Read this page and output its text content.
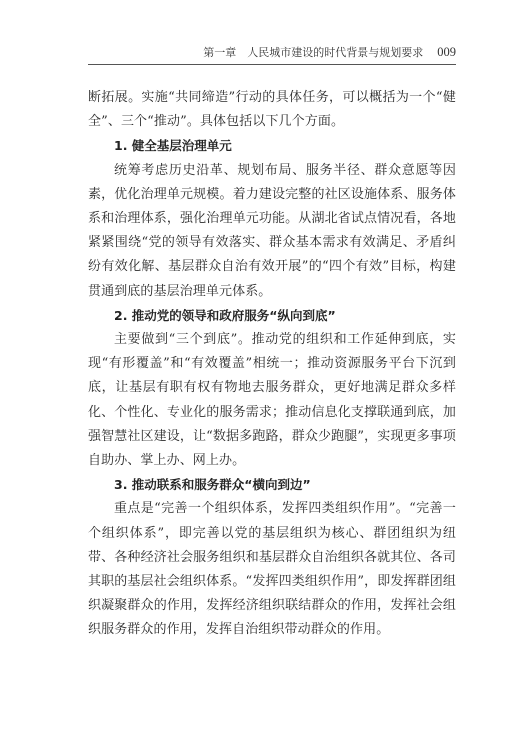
第一章　人民城市建设的时代背景与规划要求 009

断拓展。实施“共同缔造”行动的具体任务，可以概括为一个“健全”、三个“推动”。具体包括以下几个方面。

1. 健全基层治理单元

统筹考虑历史沿革、规划布局、服务半径、群众意愿等因素，优化治理单元规模。着力建设完整的社区设施体系、服务体系和治理体系，强化治理单元功能。从湖北省试点情况看，各地紧紧围绕“党的领导有效落实、群众基本需求有效满足、矛盾纠纷有效化解、基层群众自治有效开展”的“四个有效”目标，构建贯通到底的基层治理单元体系。

2. 推动党的领导和政府服务“纵向到底”

主要做到“三个到底”。推动党的组织和工作延伸到底，实现“有形覆盖”和“有效覆盖”相统一；推动资源服务平台下沉到底，让基层有职有权有物地去服务群众，更好地满足群众多样化、个性化、专业化的服务需求；推动信息化支撑联通到底，加强智慧社区建设，让“数据多跑路，群众少跑腿”，实现更多事项自助办、掌上办、网上办。

3. 推动联系和服务群众“横向到边”

重点是“完善一个组织体系，发挥四类组织作用”。“完善一个组织体系”，即完善以党的基层组织为核心、群团组织为纽带、各种经济社会服务组织和基层群众自治组织各就其位、各司其职的基层社会组织体系。“发挥四类组织作用”，即发挥群团组织凝聚群众的作用，发挥经济组织联结群众的作用，发挥社会组织服务群众的作用，发挥自治组织带动群众的作用。
